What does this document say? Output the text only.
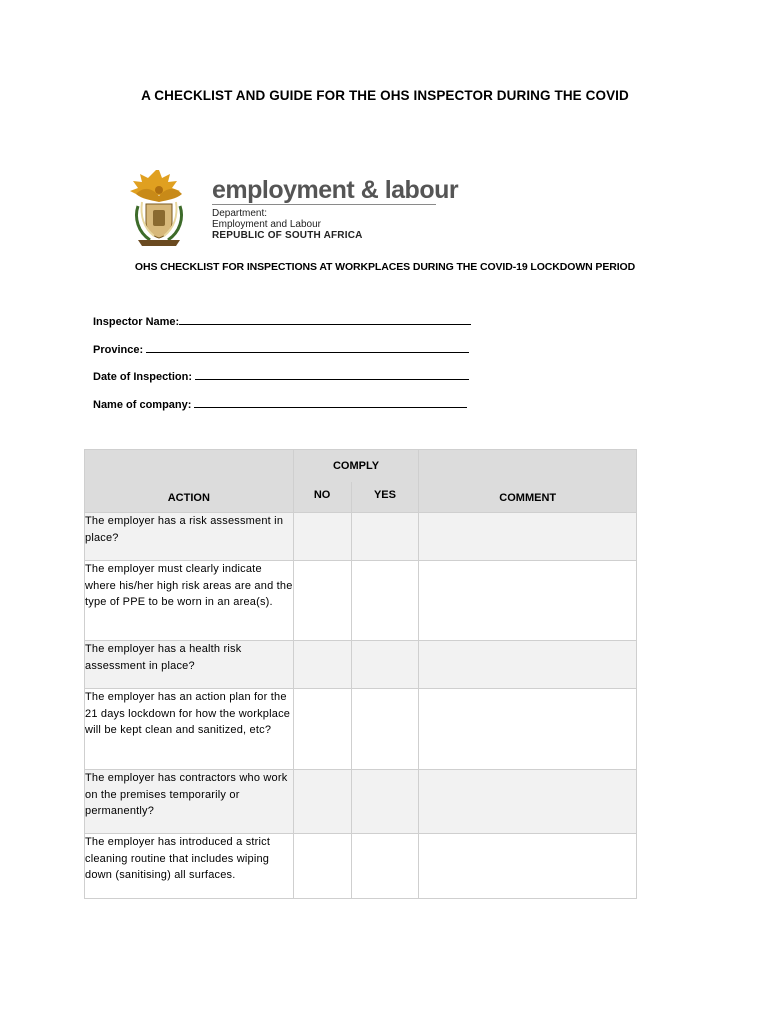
A CHECKLIST AND GUIDE FOR THE OHS INSPECTOR DURING THE COVID
employment & labour
Department:
Employment and Labour
REPUBLIC OF SOUTH AFRICA
OHS CHECKLIST FOR INSPECTIONS AT WORKPLACES DURING THE COVID-19 LOCKDOWN PERIOD
Inspector Name:
Province:
Date of Inspection:
Name of company:
ACTION	COMPLY		COMMENT
	NO	YES	
The employer has a risk assessment in place?			
The employer must clearly indicate where his/her high risk areas are and the type of PPE to be worn in an area(s).			
The employer has a health risk assessment in place?			
The employer has an action plan for the 21 days lockdown for how the workplace will be kept clean and sanitized, etc?			
The employer has contractors who work on the premises temporarily or permanently?			
The employer has introduced a strict cleaning routine that includes wiping down (sanitising) all surfaces.			
